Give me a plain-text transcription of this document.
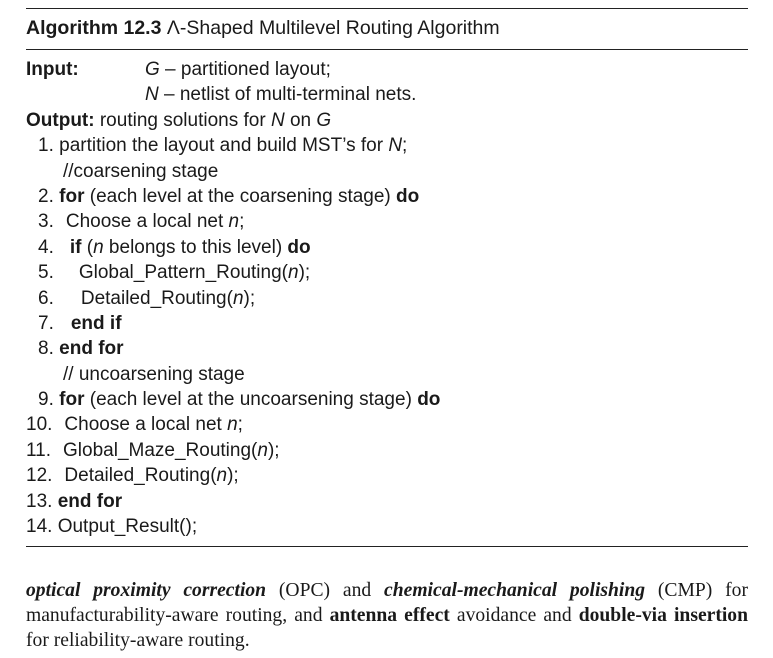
Algorithm 12.3 Λ-Shaped Multilevel Routing Algorithm
Input:	G – partitioned layout;
N – netlist of multi-terminal nets.
Output: routing solutions for N on G
1. partition the layout and build MST’s for N;
//coarsening stage
2. for (each level at the coarsening stage) do
3. Choose a local net n;
4. if (n belongs to this level) do
5. Global_Pattern_Routing(n);
6. Detailed_Routing(n);
7. end if
8. end for
// uncoarsening stage
9. for (each level at the uncoarsening stage) do
10. Choose a local net n;
11. Global_Maze_Routing(n);
12. Detailed_Routing(n);
13. end for
14. Output_Result();
optical proximity correction (OPC) and chemical-mechanical polishing (CMP) for manufacturability-aware routing, and antenna effect avoidance and double-via insertion for reliability-aware routing.
